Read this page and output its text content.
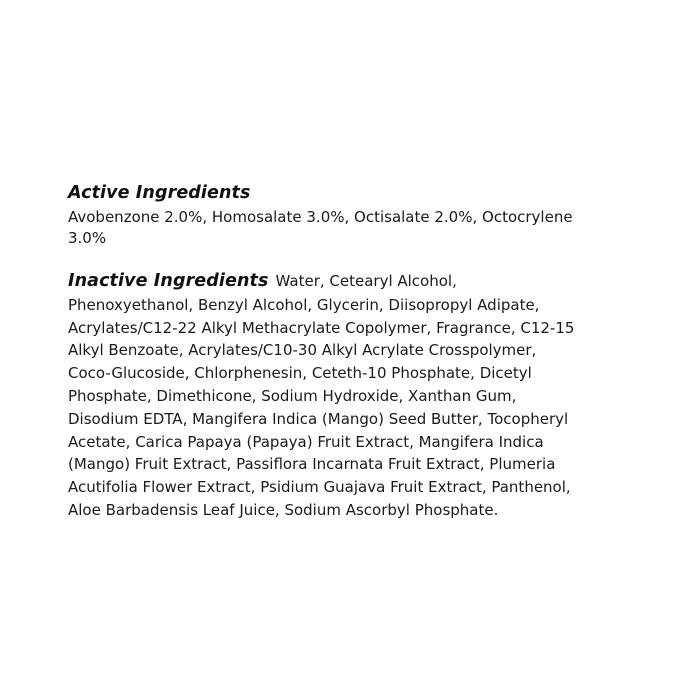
Active Ingredients
Avobenzone 2.0%, Homosalate 3.0%, Octisalate 2.0%, Octocrylene 3.0%
Inactive Ingredients Water, Cetearyl Alcohol, Phenoxyethanol, Benzyl Alcohol, Glycerin, Diisopropyl Adipate, Acrylates/C12-22 Alkyl Methacrylate Copolymer, Fragrance, C12-15 Alkyl Benzoate, Acrylates/C10-30 Alkyl Acrylate Crosspolymer, Coco-Glucoside, Chlorphenesin, Ceteth-10 Phosphate, Dicetyl Phosphate, Dimethicone, Sodium Hydroxide, Xanthan Gum, Disodium EDTA, Mangifera Indica (Mango) Seed Butter, Tocopheryl Acetate, Carica Papaya (Papaya) Fruit Extract, Mangifera Indica (Mango) Fruit Extract, Passiflora Incarnata Fruit Extract, Plumeria Acutifolia Flower Extract, Psidium Guajava Fruit Extract, Panthenol, Aloe Barbadensis Leaf Juice, Sodium Ascorbyl Phosphate.
